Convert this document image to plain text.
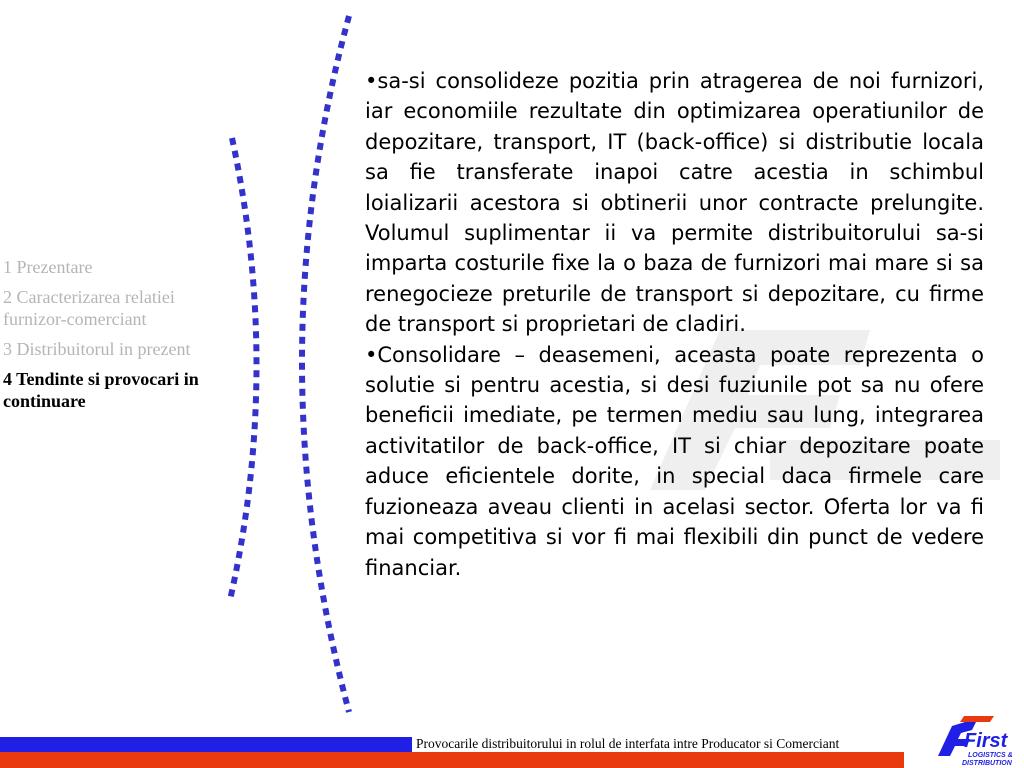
1 Prezentare
2 Caracterizarea relatiei furnizor-comerciant
3 Distribuitorul in prezent
4 Tendinte si provocari in continuare

•sa-si consolideze pozitia prin atragerea de noi furnizori, iar economiile rezultate din optimizarea operatiunilor de depozitare, transport, IT (back-office) si distributie locala sa fie transferate inapoi catre acestia in schimbul loializarii acestora si obtinerii unor contracte prelungite. Volumul suplimentar ii va permite distribuitorului sa-si imparta costurile fixe la o baza de furnizori mai mare si sa renegocieze preturile de transport si depozitare, cu firme de transport si proprietari de cladiri.

•Consolidare – deasemeni, aceasta poate reprezenta o solutie si pentru acestia, si desi fuziunile pot sa nu ofere beneficii imediate, pe termen mediu sau lung, integrarea activitatilor de back-office, IT si chiar depozitare poate aduce eficientele dorite, in special daca firmele care fuzioneaza aveau clienti in acelasi sector. Oferta lor va fi mai competitiva si vor fi mai flexibili din punct de vedere financiar.

Provocarile distribuitorului in rolul de interfata intre Producator si Comerciant	First
LOGISTICS &
DISTRIBUTION
